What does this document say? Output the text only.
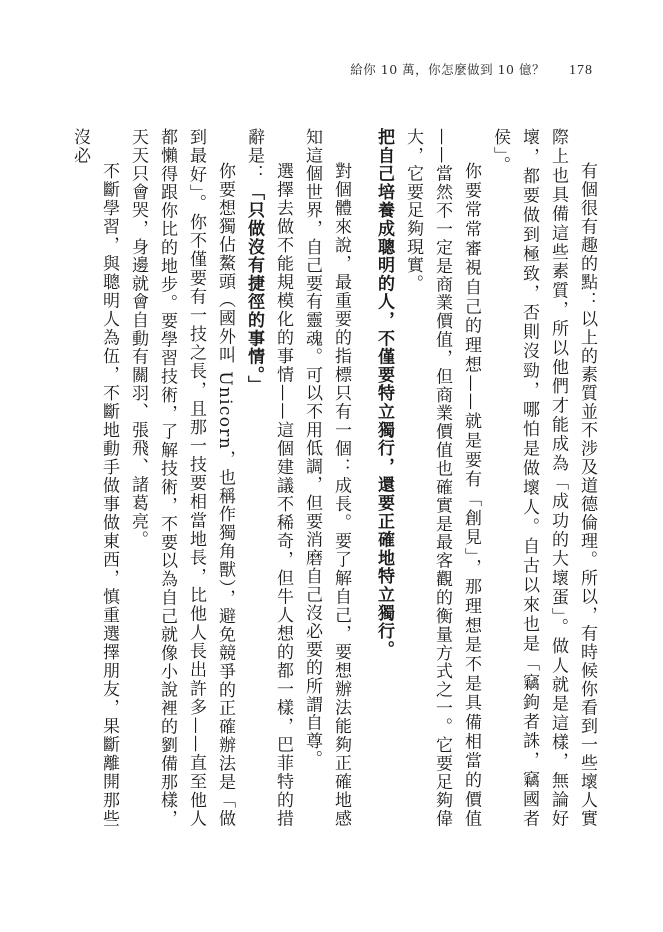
給你 10 萬，你怎麼做到 10 億？ 178

有個很有趣的點：以上的素質並不涉及道德倫理。所以，有時候你看到一些壞人實際上也具備這些素質，所以他們才能成為「成功的大壞蛋」。做人就是這樣，無論好壞，都要做到極致，否則沒勁，哪怕是做壞人。自古以來也是「竊鉤者誅，竊國者侯」。

你要常常審視自己的理想——就是要有「創見」，那理想是不是具備相當的價值——當然不一定是商業價值，但商業價值也確實是最客觀的衡量方式之一。它要足夠偉大，它要足夠現實。

把自己培養成聰明的人，不僅要特立獨行，還要正確地特立獨行。

對個體來說，最重要的指標只有一個：成長。要了解自己，要想辦法能夠正確地感知這個世界，自己要有靈魂。可以不用低調，但要消磨自己沒必要的所謂自尊。

選擇去做不能規模化的事情——這個建議不稀奇，但牛人想的都一樣，巴菲特的措辭是：「只做沒有捷徑的事情。」

你要想獨佔鰲頭（國外叫 Unicorn，也稱作獨角獸），避免競爭的正確辦法是「做到最好」。你不僅要有一技之長，且那一技要相當地長，比他人長出許多——直至他人都懶得跟你比的地步。要學習技術，了解技術，不要以為自己就像小說裡的劉備那樣，天天只會哭，身邊就會自動有關羽、張飛、諸葛亮。

不斷學習，與聰明人為伍，不斷地動手做事做東西，慎重選擇朋友，果斷離開那些沒必
